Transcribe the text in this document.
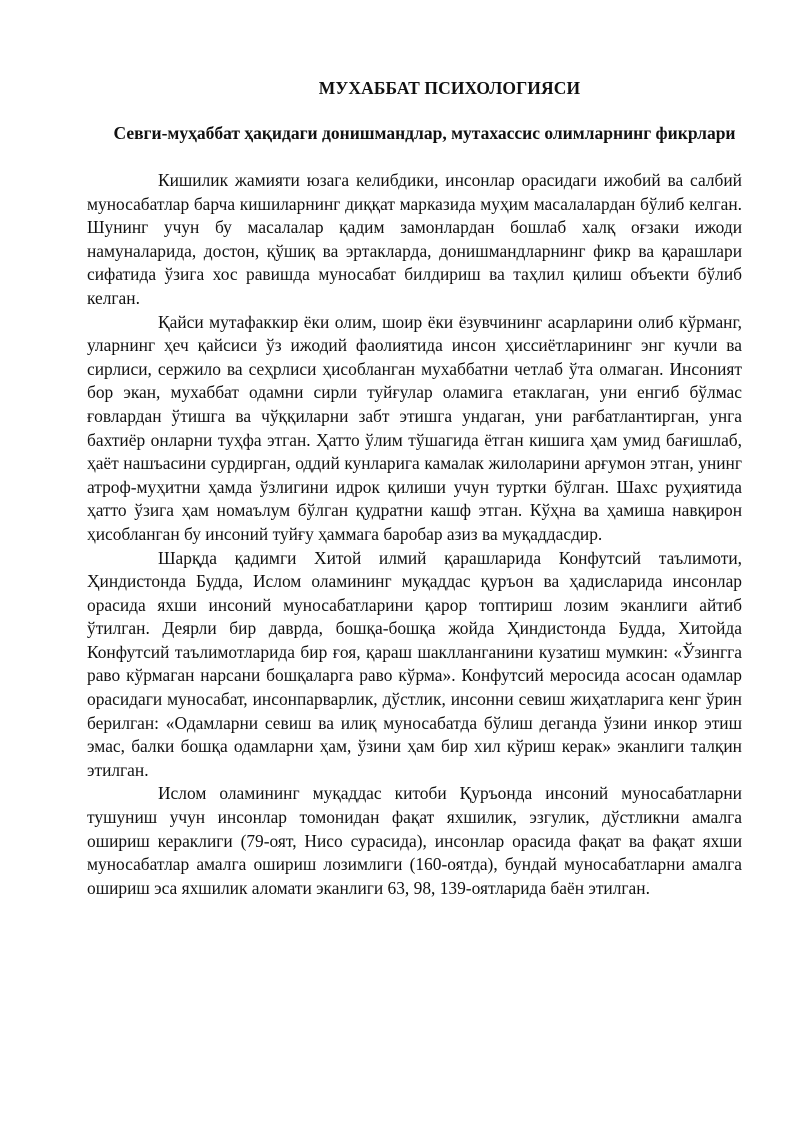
МУХАББАТ ПСИХОЛОГИЯСИ
Севги-муҳаббат ҳақидаги донишмандлар, мутахассис олимларнинг фикрлари

Кишилик жамияти юзага келибдики, инсонлар орасидаги ижобий ва салбий муносабатлар барча кишиларнинг диққат марказида муҳим масалалардан бўлиб келган. Шунинг учун бу масалалар қадим замонлардан бошлаб халқ оғзаки ижоди намуналарида, достон, қўшиқ ва эртакларда, донишмандларнинг фикр ва қарашлари сифатида ўзига хос равишда муносабат билдириш ва таҳлил қилиш объекти бўлиб келган.

Қайси мутафаккир ёки олим, шоир ёки ёзувчининг асарларини олиб кўрманг, уларнинг ҳеч қайсиси ўз ижодий фаолиятида инсон ҳиссиётларининг энг кучли ва сирлиси, сержило ва сеҳрлиси ҳисобланган мухаббатни четлаб ўта олмаган. Инсоният бор экан, мухаббат одамни сирли туйғулар оламига етаклаган, уни енгиб бўлмас ғовлардан ўтишга ва чўққиларни забт этишга ундаган, уни рағбатлантирган, унга бахтиёр онларни туҳфа этган. Ҳатто ўлим тўшагида ётган кишига ҳам умид бағишлаб, ҳаёт нашъасини сурдирган, оддий кунларига камалак жилоларини арғумон этган, унинг атроф-муҳитни ҳамда ўзлигини идрок қилиши учун туртки бўлган. Шахс руҳиятида ҳатто ўзига ҳам номаълум бўлган қудратни кашф этган. Кўҳна ва ҳамиша навқирон ҳисобланган бу инсоний туйғу ҳаммага баробар азиз ва муқаддасдир.

Шарқда қадимги Хитой илмий қарашларида Конфутсий таълимоти, Ҳиндистонда Будда, Ислом оламининг муқаддас қуръон ва ҳадисларида инсонлар орасида яхши инсоний муносабатларини қарор топтириш лозим эканлиги айтиб ўтилган. Деярли бир даврда, бошқа-бошқа жойда Ҳиндистонда Будда, Хитойда Конфутсий таълимотларида бир ғоя, қараш шаклланганини кузатиш мумкин: «Ўзингга раво кўрмаган нарсани бошқаларга раво кўрма». Конфутсий меросида асосан одамлар орасидаги муносабат, инсонпарварлик, дўстлик, инсонни севиш жиҳатларига кенг ўрин берилган: «Одамларни севиш ва илиқ муносабатда бўлиш деганда ўзини инкор этиш эмас, балки бошқа одамларни ҳам, ўзини ҳам бир хил кўриш керак» эканлиги талқин этилган.

Ислом оламининг муқаддас китоби Қуръонда инсоний муносабатларни тушуниш учун инсонлар томонидан фақат яхшилик, эзгулик, дўстликни амалга ошириш кераклиги (79-оят, Нисо сурасида), инсонлар орасида фақат ва фақат яхши муносабатлар амалга ошириш лозимлиги (160-оятда), бундай муносабатларни амалга ошириш эса яхшилик аломати эканлиги 63, 98, 139-оятларида баён этилган.
